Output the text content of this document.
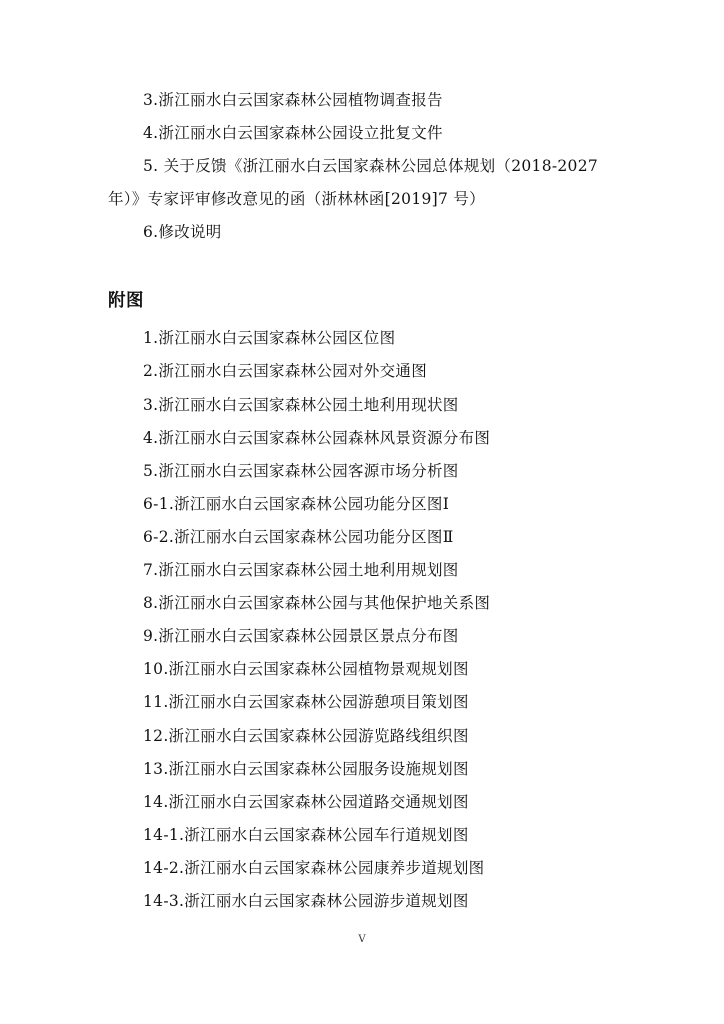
3.浙江丽水白云国家森林公园植物调查报告
4.浙江丽水白云国家森林公园设立批复文件
5. 关于反馈《浙江丽水白云国家森林公园总体规划（2018-2027
年）》专家评审修改意见的函（浙林林函[2019]7 号）
6.修改说明
附图
1.浙江丽水白云国家森林公园区位图
2.浙江丽水白云国家森林公园对外交通图
3.浙江丽水白云国家森林公园土地利用现状图
4.浙江丽水白云国家森林公园森林风景资源分布图
5.浙江丽水白云国家森林公园客源市场分析图
6-1.浙江丽水白云国家森林公园功能分区图Ⅰ
6-2.浙江丽水白云国家森林公园功能分区图Ⅱ
7.浙江丽水白云国家森林公园土地利用规划图
8.浙江丽水白云国家森林公园与其他保护地关系图
9.浙江丽水白云国家森林公园景区景点分布图
10.浙江丽水白云国家森林公园植物景观规划图
11.浙江丽水白云国家森林公园游憩项目策划图
12.浙江丽水白云国家森林公园游览路线组织图
13.浙江丽水白云国家森林公园服务设施规划图
14.浙江丽水白云国家森林公园道路交通规划图
14-1.浙江丽水白云国家森林公园车行道规划图
14-2.浙江丽水白云国家森林公园康养步道规划图
14-3.浙江丽水白云国家森林公园游步道规划图
V
